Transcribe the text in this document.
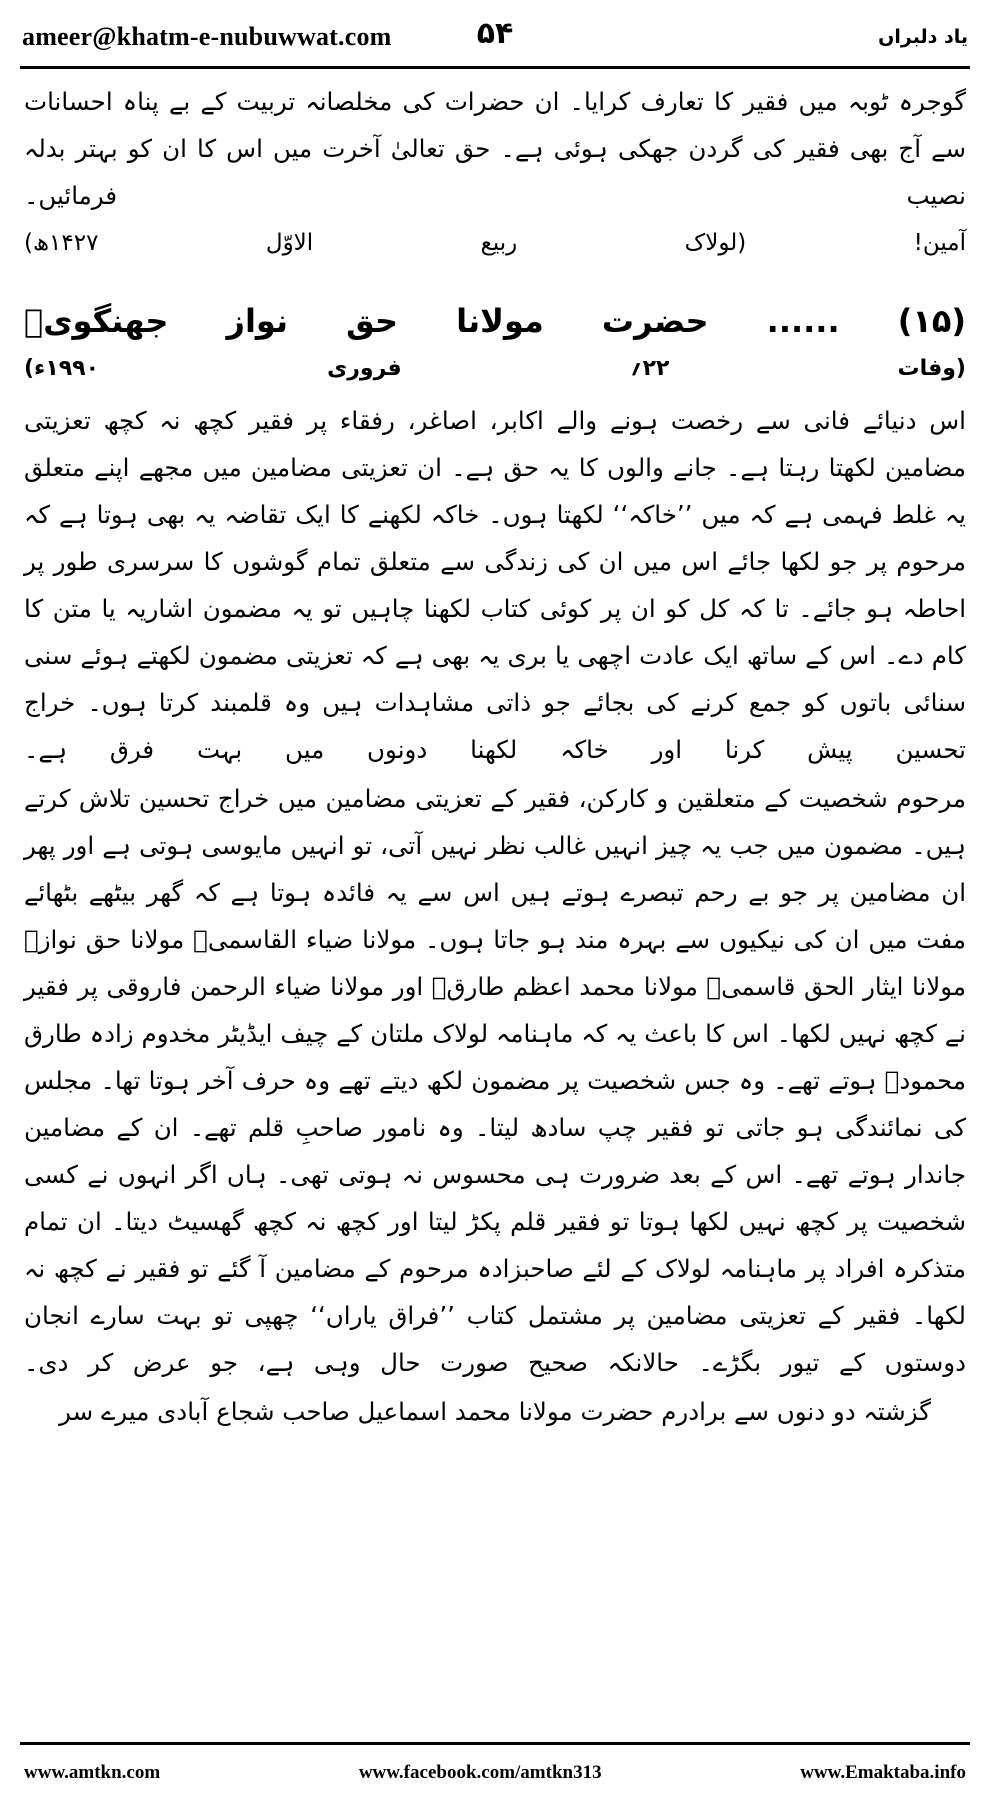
ameer@khatm-e-nubuwwat.com	۵۴	یاد دلبراں

گوجرہ ٹوبہ میں فقیر کا تعارف کرایا۔ ان حضرات کی مخلصانہ تربیت کے بے پناہ احسانات سے آج بھی فقیر کی گردن جھکی ہوئی ہے۔ حق تعالیٰ آخرت میں اس کا ان کو بہتر بدلہ نصیب فرمائیں۔

آمین! (لولاک ربیع الاوّل ۱۴۲۷ھ)

(۱۵) ...... حضرت مولانا حق نواز جھنگویؒ
(وفات ۲۲؍ فروری ۱۹۹۰ء)

اس دنیائے فانی سے رخصت ہونے والے اکابر، اصاغر، رفقاء پر فقیر کچھ نہ کچھ تعزیتی مضامین لکھتا رہتا ہے۔ جانے والوں کا یہ حق ہے۔ ان تعزیتی مضامین میں مجھے اپنے متعلق یہ غلط فہمی ہے کہ میں ’’خاکہ‘‘ لکھتا ہوں۔ خاکہ لکھنے کا ایک تقاضہ یہ بھی ہوتا ہے کہ مرحوم پر جو لکھا جائے اس میں ان کی زندگی سے متعلق تمام گوشوں کا سرسری طور پر احاطہ ہو جائے۔ تا کہ کل کو ان پر کوئی کتاب لکھنا چاہیں تو یہ مضمون اشاریہ یا متن کا کام دے۔ اس کے ساتھ ایک عادت اچھی یا بری یہ بھی ہے کہ تعزیتی مضمون لکھتے ہوئے سنی سنائی باتوں کو جمع کرنے کی بجائے جو ذاتی مشاہدات ہیں وہ قلمبند کرتا ہوں۔ خراج تحسین پیش کرنا اور خاکہ لکھنا دونوں میں بہت فرق ہے۔

مرحوم شخصیت کے متعلقین و کارکن، فقیر کے تعزیتی مضامین میں خراج تحسین تلاش کرتے ہیں۔ مضمون میں جب یہ چیز انہیں غالب نظر نہیں آتی، تو انہیں مایوسی ہوتی ہے اور پھر ان مضامین پر جو بے رحم تبصرے ہوتے ہیں اس سے یہ فائدہ ہوتا ہے کہ گھر بیٹھے بٹھائے مفت میں ان کی نیکیوں سے بہرہ مند ہو جاتا ہوں۔ مولانا ضیاء القاسمیؒ مولانا حق نوازؒ مولانا ایثار الحق قاسمیؒ مولانا محمد اعظم طارقؒ اور مولانا ضیاء الرحمن فاروقی پر فقیر نے کچھ نہیں لکھا۔ اس کا باعث یہ کہ ماہنامہ لولاک ملتان کے چیف ایڈیٹر مخدوم زادہ طارق محمودؒ ہوتے تھے۔ وہ جس شخصیت پر مضمون لکھ دیتے تھے وہ حرف آخر ہوتا تھا۔ مجلس کی نمائندگی ہو جاتی تو فقیر چپ سادھ لیتا۔ وہ نامور صاحبِ قلم تھے۔ ان کے مضامین جاندار ہوتے تھے۔ اس کے بعد ضرورت ہی محسوس نہ ہوتی تھی۔ ہاں اگر انہوں نے کسی شخصیت پر کچھ نہیں لکھا ہوتا تو فقیر قلم پکڑ لیتا اور کچھ نہ کچھ گھسیٹ دیتا۔ ان تمام متذکرہ افراد پر ماہنامہ لولاک کے لئے صاحبزادہ مرحوم کے مضامین آ گئے تو فقیر نے کچھ نہ لکھا۔ فقیر کے تعزیتی مضامین پر مشتمل کتاب ’’فراق یاراں‘‘ چھپی تو بہت سارے انجان دوستوں کے تیور بگڑے۔ حالانکہ صحیح صورت حال وہی ہے، جو عرض کر دی۔

گزشتہ دو دنوں سے برادرم حضرت مولانا محمد اسماعیل صاحب شجاع آبادی میرے سر

www.amtkn.com	www.facebook.com/amtkn313	www.Emaktaba.info
